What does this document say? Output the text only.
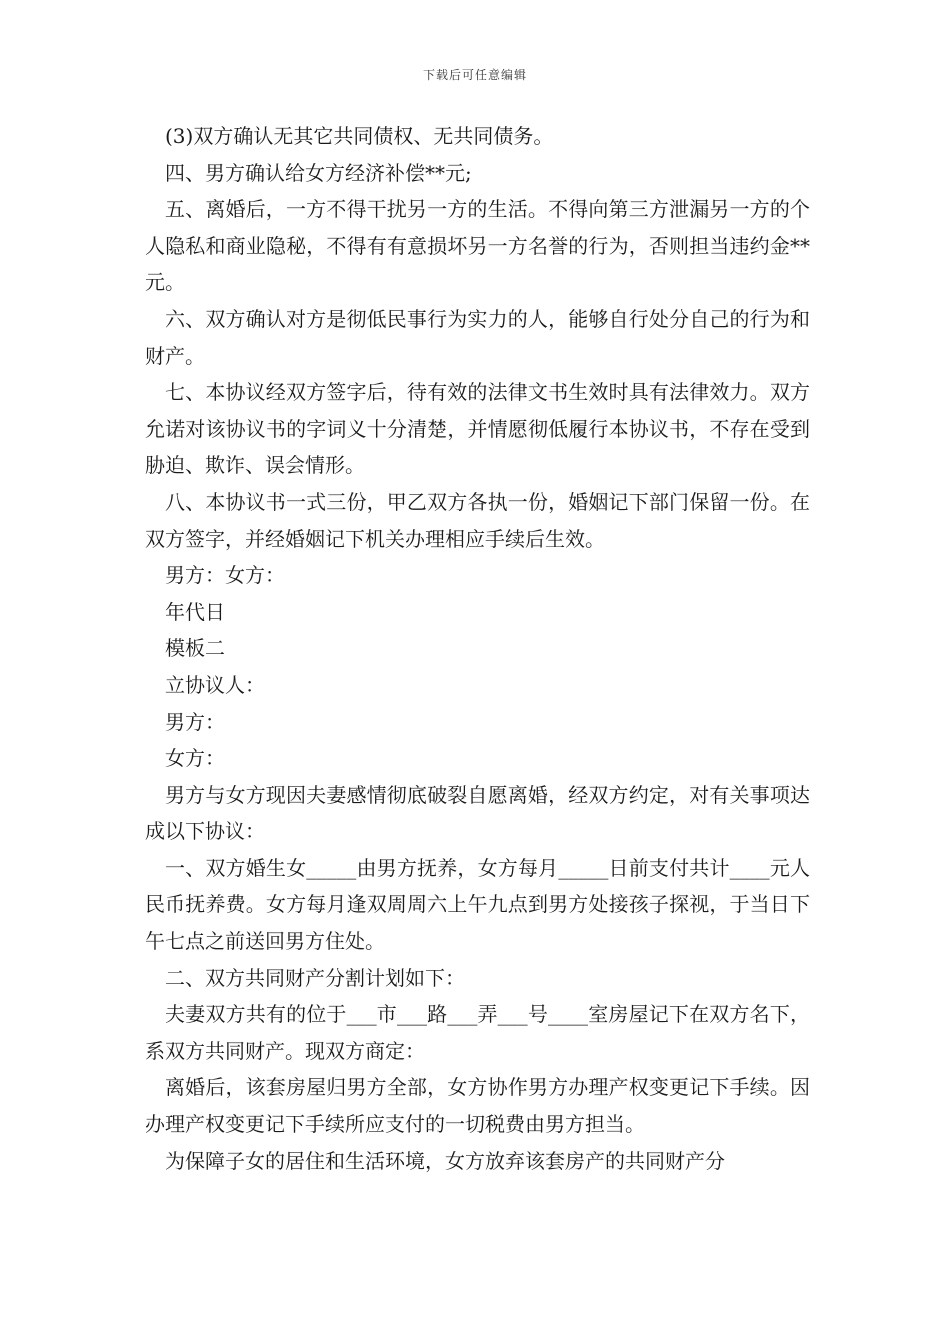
下载后可任意编辑

(3)双方确认无其它共同债权、无共同债务。

四、男方确认给女方经济补偿**元;

五、离婚后，一方不得干扰另一方的生活。不得向第三方泄漏另一方的个人隐私和商业隐秘，不得有有意损坏另一方名誉的行为，否则担当违约金**元。

六、双方确认对方是彻低民事行为实力的人，能够自行处分自己的行为和财产。

七、本协议经双方签字后，待有效的法律文书生效时具有法律效力。双方允诺对该协议书的字词义十分清楚，并情愿彻低履行本协议书，不存在受到胁迫、欺诈、误会情形。

八、本协议书一式三份，甲乙双方各执一份，婚姻记下部门保留一份。在双方签字，并经婚姻记下机关办理相应手续后生效。

男方：女方：

年代日

模板二

立协议人：

男方：

女方：

男方与女方现因夫妻感情彻底破裂自愿离婚，经双方约定，对有关事项达成以下协议：

一、双方婚生女_____由男方抚养，女方每月_____日前支付共计____元人民币抚养费。女方每月逢双周周六上午九点到男方处接孩子探视，于当日下午七点之前送回男方住处。

二、双方共同财产分割计划如下：

夫妻双方共有的位于___市___路___弄___号____室房屋记下在双方名下，系双方共同财产。现双方商定：

离婚后，该套房屋归男方全部，女方协作男方办理产权变更记下手续。因办理产权变更记下手续所应支付的一切税费由男方担当。

为保障子女的居住和生活环境，女方放弃该套房产的共同财产分
